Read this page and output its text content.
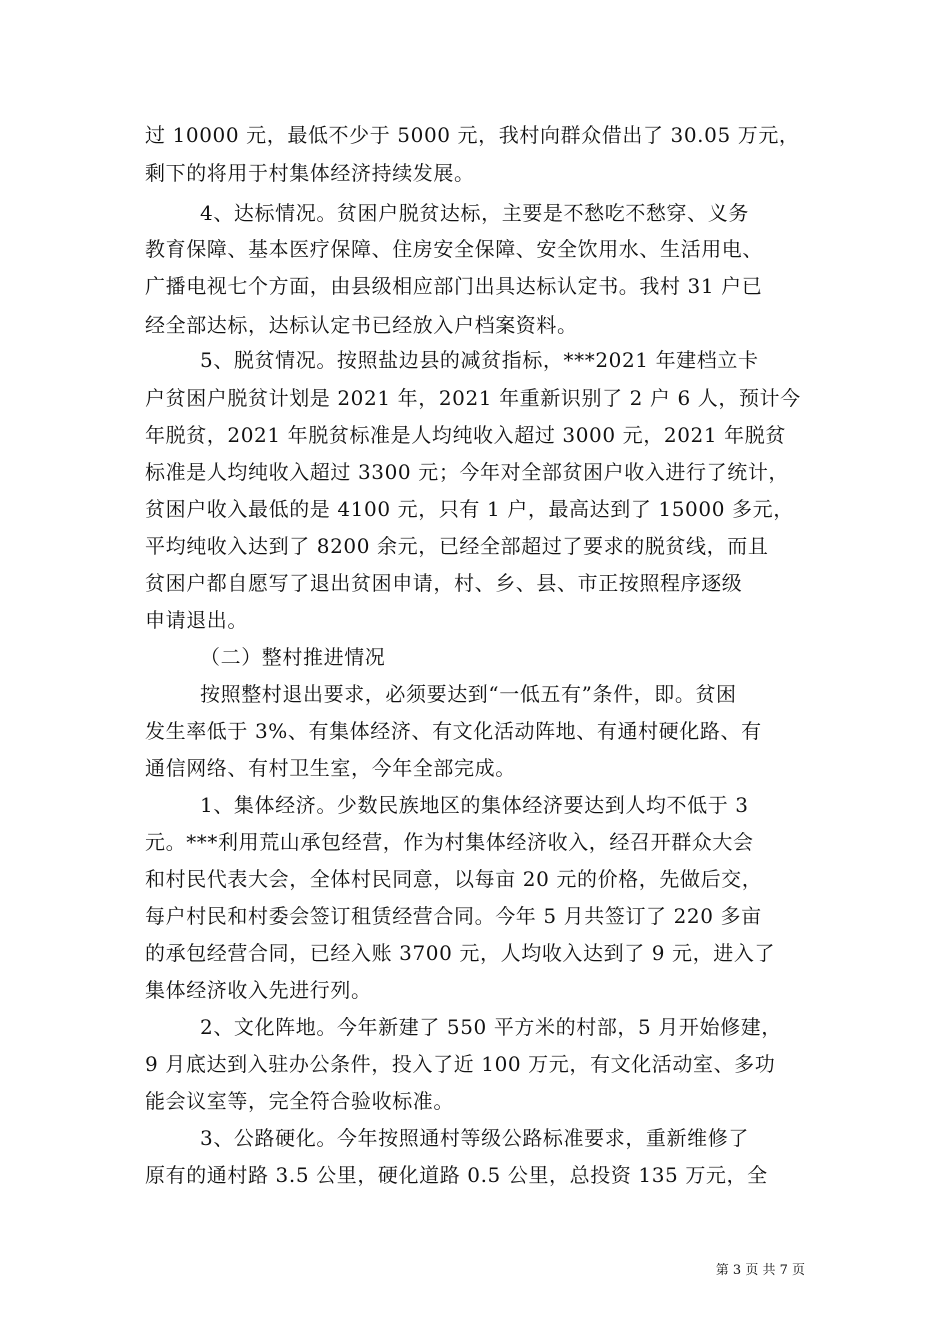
过 10000 元，最低不少于 5000 元，我村向群众借出了 30.05 万元，
剩下的将用于村集体经济持续发展。
4、达标情况。贫困户脱贫达标，主要是不愁吃不愁穿、义务
教育保障、基本医疗保障、住房安全保障、安全饮用水、生活用电、
广播电视七个方面，由县级相应部门出具达标认定书。我村 31 户已
经全部达标，达标认定书已经放入户档案资料。
5、脱贫情况。按照盐边县的减贫指标，***2021 年建档立卡
户贫困户脱贫计划是 2021 年，2021 年重新识别了 2 户 6 人，预计今
年脱贫，2021 年脱贫标准是人均纯收入超过 3000 元，2021 年脱贫
标准是人均纯收入超过 3300 元；今年对全部贫困户收入进行了统计，
贫困户收入最低的是 4100 元，只有 1 户，最高达到了 15000 多元，
平均纯收入达到了 8200 余元，已经全部超过了要求的脱贫线，而且
贫困户都自愿写了退出贫困申请，村、乡、县、市正按照程序逐级
申请退出。
（二）整村推进情况
按照整村退出要求，必须要达到“一低五有”条件，即。贫困
发生率低于 3%、有集体经济、有文化活动阵地、有通村硬化路、有
通信网络、有村卫生室，今年全部完成。
1、集体经济。少数民族地区的集体经济要达到人均不低于 3
元。***利用荒山承包经营，作为村集体经济收入，经召开群众大会
和村民代表大会，全体村民同意，以每亩 20 元的价格，先做后交，
每户村民和村委会签订租赁经营合同。今年 5 月共签订了 220 多亩
的承包经营合同，已经入账 3700 元，人均收入达到了 9 元，进入了
集体经济收入先进行列。
2、文化阵地。今年新建了 550 平方米的村部，5 月开始修建，
9 月底达到入驻办公条件，投入了近 100 万元，有文化活动室、多功
能会议室等，完全符合验收标准。
3、公路硬化。今年按照通村等级公路标准要求，重新维修了
原有的通村路 3.5 公里，硬化道路 0.5 公里，总投资 135 万元，全
第 3 页 共 7 页
